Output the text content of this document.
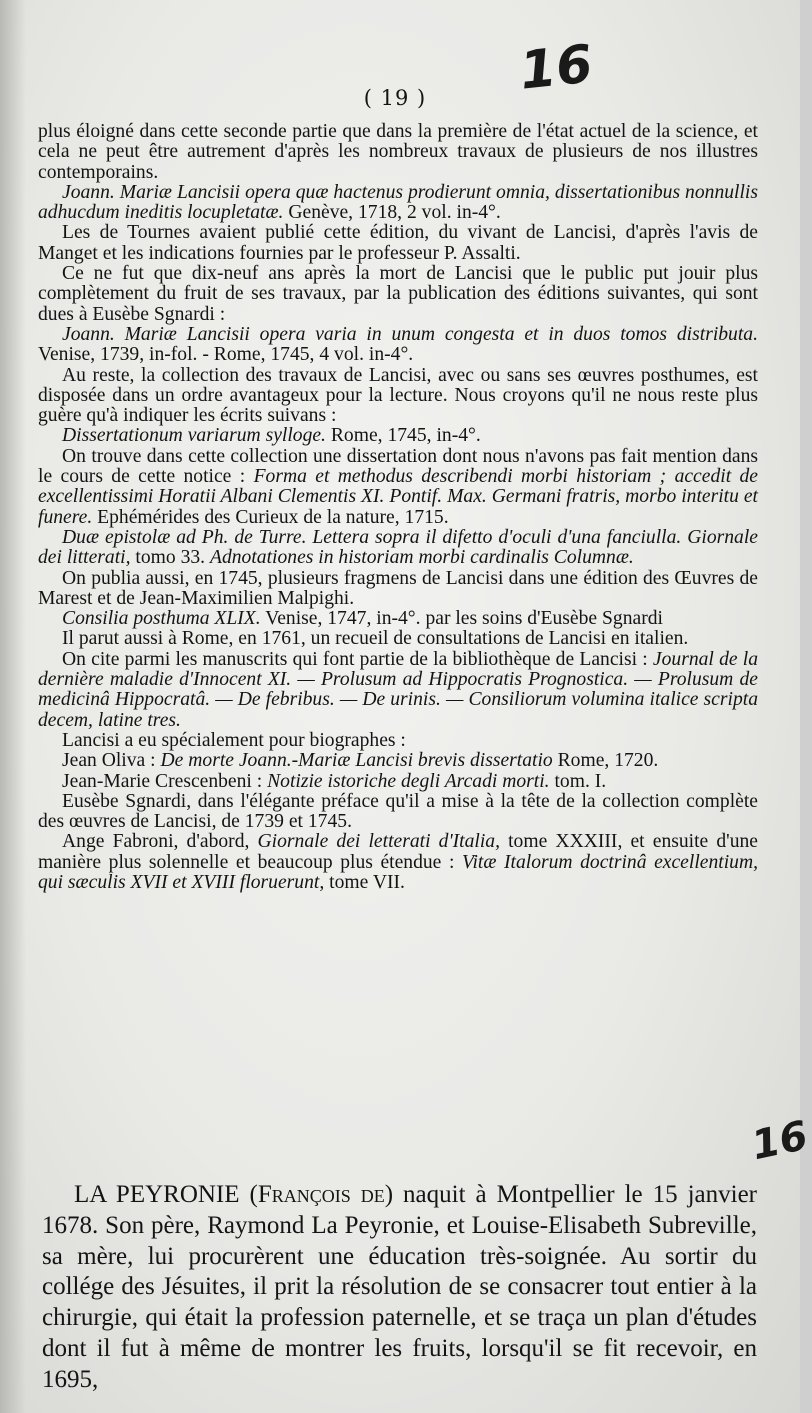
( 19 ) 16
16

plus éloigné dans cette seconde partie que dans la première de l'état actuel de la science, et cela ne peut être autrement d'après les nombreux travaux de plusieurs de nos illustres contemporains.

Joann. Mariæ Lancisii opera quæ hactenus prodierunt omnia, dissertationibus nonnullis adhucdum ineditis locupletatæ. Genève, 1718, 2 vol. in-4°.

Les de Tournes avaient publié cette édition, du vivant de Lancisi, d'après l'avis de Manget et les indications fournies par le professeur P. Assalti.

Ce ne fut que dix-neuf ans après la mort de Lancisi que le public put jouir plus complètement du fruit de ses travaux, par la publication des éditions suivantes, qui sont dues à Eusèbe Sgnardi :

Joann. Mariæ Lancisii opera varia in unum congesta et in duos tomos distributa. Venise, 1739, in-fol. - Rome, 1745, 4 vol. in-4°.

Au reste, la collection des travaux de Lancisi, avec ou sans ses œuvres posthumes, est disposée dans un ordre avantageux pour la lecture. Nous croyons qu'il ne nous reste plus guère qu'à indiquer les écrits suivans :

Dissertationum variarum sylloge. Rome, 1745, in-4°.

On trouve dans cette collection une dissertation dont nous n'avons pas fait mention dans le cours de cette notice : Forma et methodus describendi morbi historiam ; accedit de excellentissimi Horatii Albani Clementis XI. Pontif. Max. Germani fratris, morbo interitu et funere. Ephémérides des Curieux de la nature, 1715.

Duæ epistolæ ad Ph. de Turre. Lettera sopra il difetto d'oculi d'una fanciulla. Giornale dei litterati, tomo 33. Adnotationes in historiam morbi cardinalis Columnæ.

On publia aussi, en 1745, plusieurs fragmens de Lancisi dans une édition des Œuvres de Marest et de Jean-Maximilien Malpighi.

Consilia posthuma XLIX. Venise, 1747, in-4°. par les soins d'Eusèbe Sgnardi

Il parut aussi à Rome, en 1761, un recueil de consultations de Lancisi en italien.

On cite parmi les manuscrits qui font partie de la bibliothèque de Lancisi : Journal de la dernière maladie d'Innocent XI. — Prolusum ad Hippocratis Prognostica. — Prolusum de medicinâ Hippocratâ. — De febribus. — De urinis. — Consiliorum volumina italice scripta decem, latine tres.

Lancisi a eu spécialement pour biographes :

Jean Oliva : De morte Joann.-Mariæ Lancisi brevis dissertatio Rome, 1720.

Jean-Marie Crescenbeni : Notizie istoriche degli Arcadi morti. tom. I.

Eusèbe Sgnardi, dans l'élégante préface qu'il a mise à la tête de la collection complète des œuvres de Lancisi, de 1739 et 1745.

Ange Fabroni, d'abord, Giornale dei letterati d'Italia, tome XXXIII, et ensuite d'une manière plus solennelle et beaucoup plus étendue : Vitæ Italorum doctrinâ excellentium, qui sæculis XVII et XVIII floruerunt, tome VII.

LA PEYRONIE (François de) naquit à Montpellier le 15 janvier 1678. Son père, Raymond La Peyronie, et Louise-Elisabeth Subreville, sa mère, lui procurèrent une éducation très-soignée. Au sortir du collége des Jésuites, il prit la résolution de se consacrer tout entier à la chirurgie, qui était la profession paternelle, et se traça un plan d'études dont il fut à même de montrer les fruits, lorsqu'il se fit recevoir, en 1695,
